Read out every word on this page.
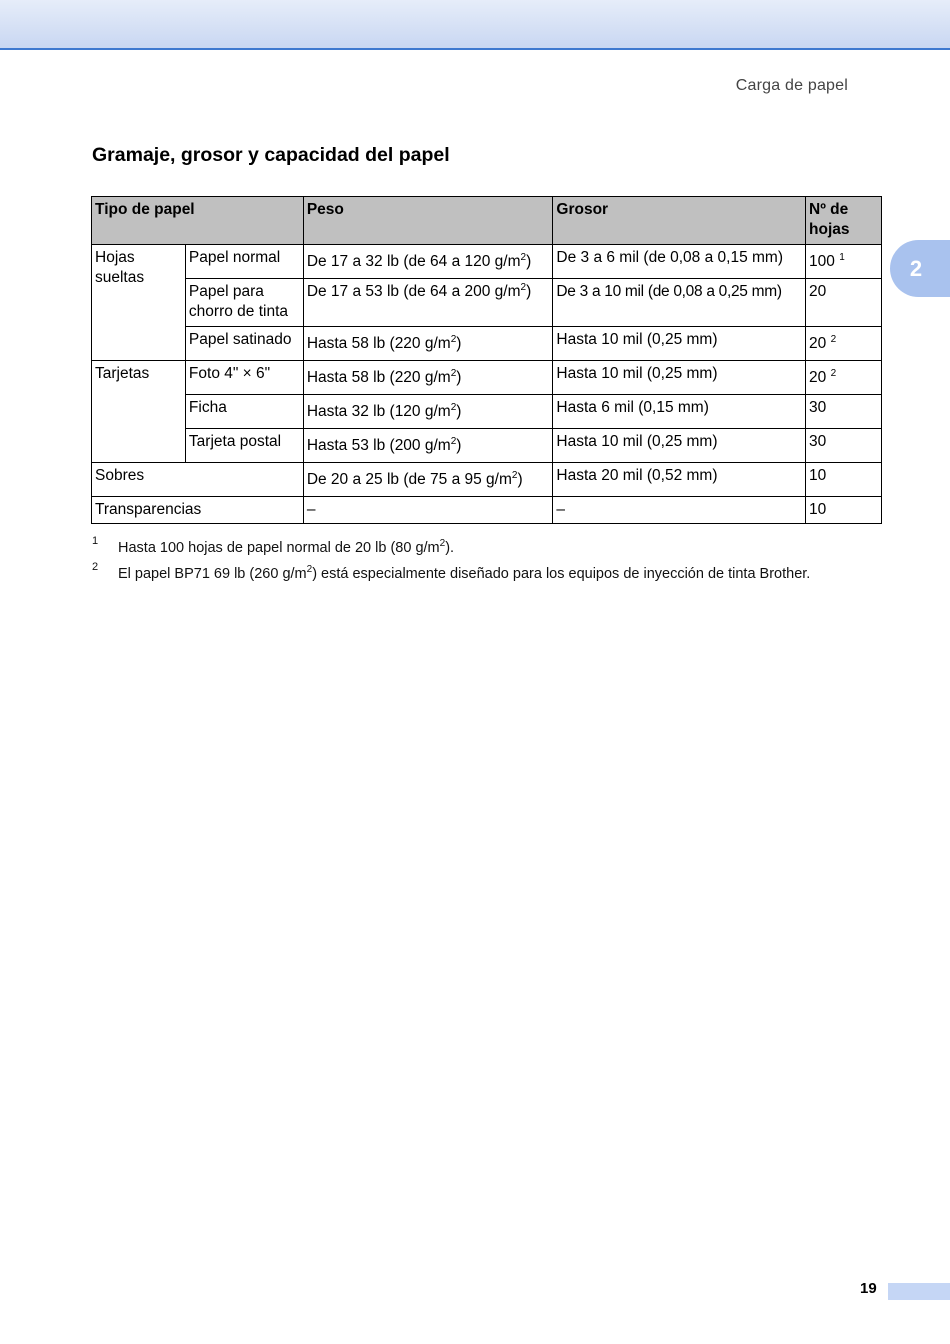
Carga de papel
2
Gramaje, grosor y capacidad del papel
Tipo de papel		Peso	Grosor	Nº de hojas
Hojas sueltas	Papel normal	De 17 a 32 lb (de 64 a 120 $g/m^2$)	De 3 a 6 mil (de 0,08 a 0,15 mm)	100 $^1$
	Papel para chorro de tinta	De 17 a 53 lb (de 64 a 200 $g/m^2$)	De 3 a 10 mil (de 0,08 a 0,25 mm)	20
	Papel satinado	Hasta 58 lb (220 $g/m^2$)	Hasta 10 mil (0,25 mm)	20 $^2$
Tarjetas	Foto 4" × 6"	Hasta 58 lb (220 $g/m^2$)	Hasta 10 mil (0,25 mm)	20 $^2$
	Ficha	Hasta 32 lb (120 $g/m^2$)	Hasta 6 mil (0,15 mm)	30
	Tarjeta postal	Hasta 53 lb (200 $g/m^2$)	Hasta 10 mil (0,25 mm)	30
Sobres		De 20 a 25 lb (de 75 a 95 $g/m^2$)	Hasta 20 mil (0,52 mm)	10
Transparencias		–	–	10
1 Hasta 100 hojas de papel normal de 20 lb (80 $g/m^2$).
2 El papel BP71 69 lb (260 $g/m^2$) está especialmente diseñado para los equipos de inyección de tinta Brother.
19
